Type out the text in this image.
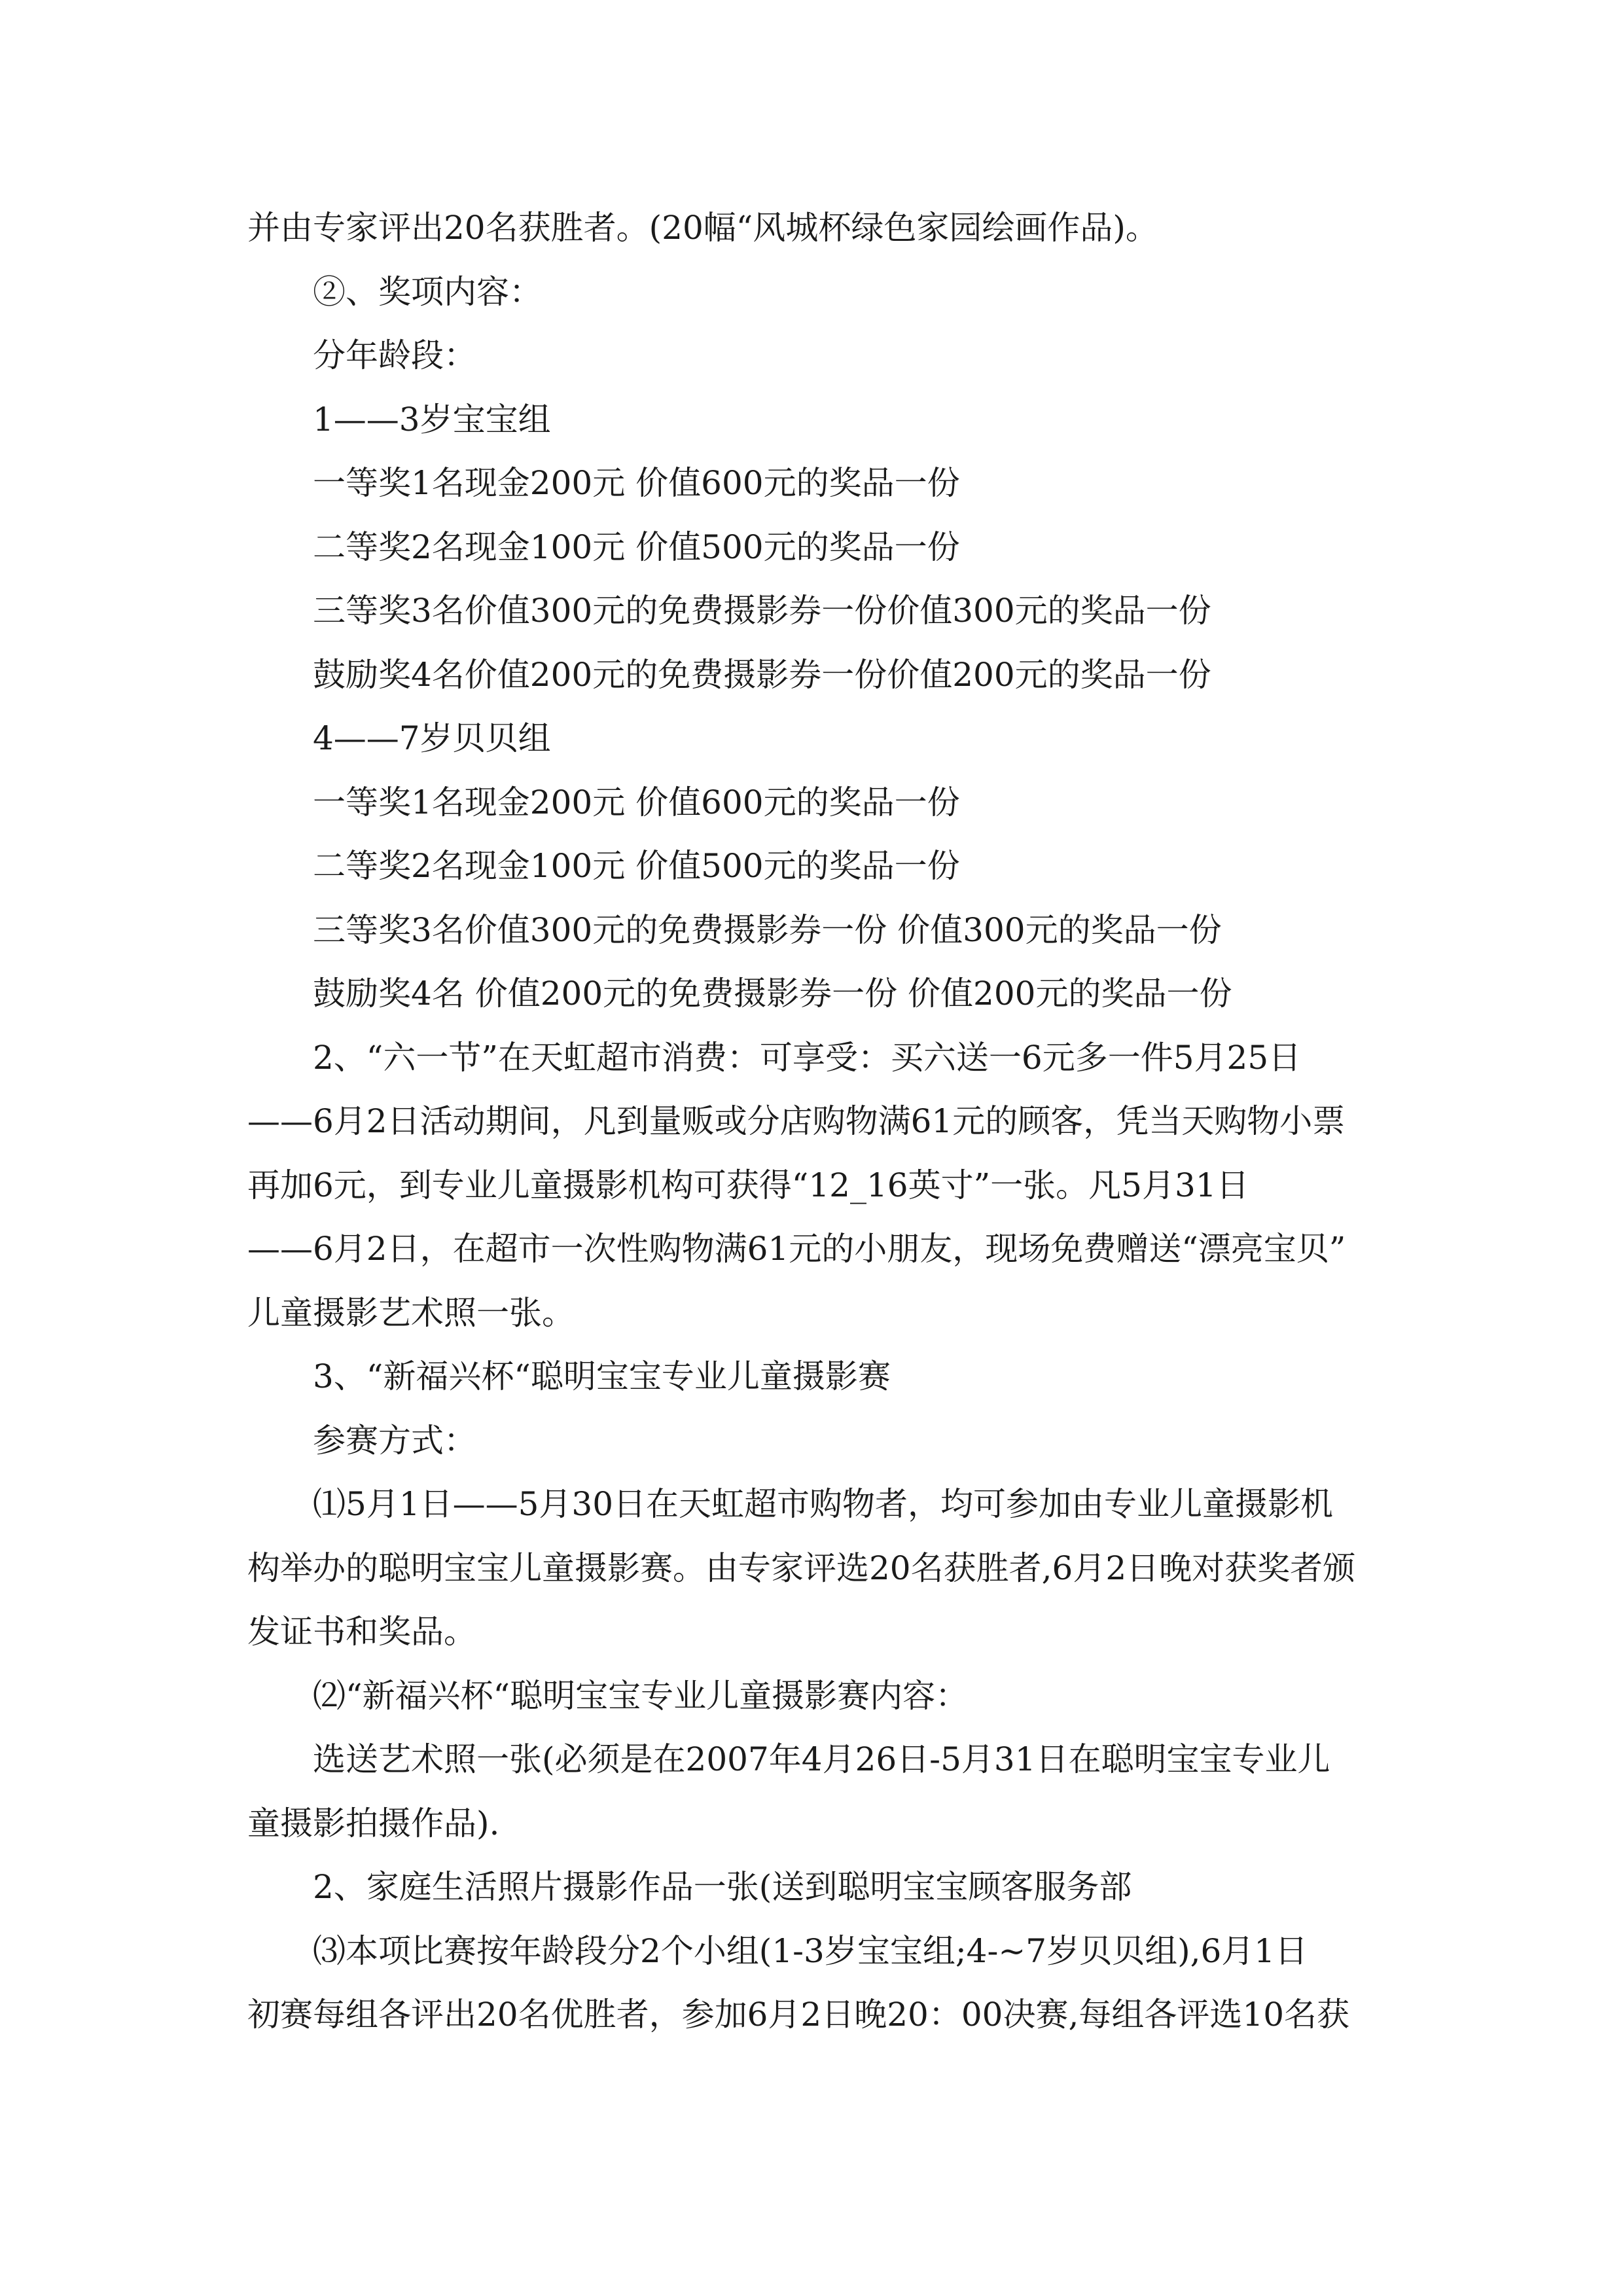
并由专家评出20名获胜者。(20幅“风城杯绿色家园绘画作品)。

②、奖项内容：

分年龄段：

1——3岁宝宝组

一等奖1名现金200元 价值600元的奖品一份

二等奖2名现金100元 价值500元的奖品一份

三等奖3名价值300元的免费摄影券一份价值300元的奖品一份

鼓励奖4名价值200元的免费摄影券一份价值200元的奖品一份

4——7岁贝贝组

一等奖1名现金200元 价值600元的奖品一份

二等奖2名现金100元 价值500元的奖品一份

三等奖3名价值300元的免费摄影券一份 价值300元的奖品一份

鼓励奖4名 价值200元的免费摄影券一份 价值200元的奖品一份

2、“六一节”在天虹超市消费：可享受：买六送一6元多一件5月25日

——6月2日活动期间，凡到量贩或分店购物满61元的顾客，凭当天购物小票

再加6元，到专业儿童摄影机构可获得“12_16英寸”一张。凡5月31日

——6月2日，在超市一次性购物满61元的小朋友，现场免费赠送“漂亮宝贝”

儿童摄影艺术照一张。

3、“新福兴杯“聪明宝宝专业儿童摄影赛

参赛方式：

⑴5月1日——5月30日在天虹超市购物者，均可参加由专业儿童摄影机

构举办的聪明宝宝儿童摄影赛。由专家评选20名获胜者,6月2日晚对获奖者颁

发证书和奖品。

⑵“新福兴杯“聪明宝宝专业儿童摄影赛内容：

选送艺术照一张(必须是在2007年4月26日-5月31日在聪明宝宝专业儿

童摄影拍摄作品).

2、家庭生活照片摄影作品一张(送到聪明宝宝顾客服务部

⑶本项比赛按年龄段分2个小组(1-3岁宝宝组;4-~7岁贝贝组),6月1日

初赛每组各评出20名优胜者，参加6月2日晚20：00决赛,每组各评选10名获
